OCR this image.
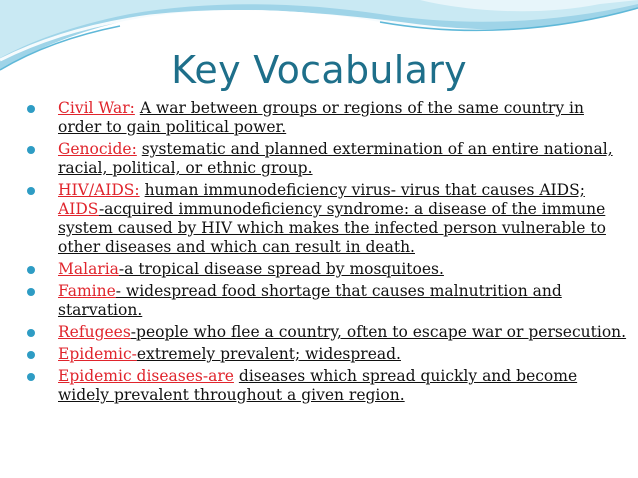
Key Vocabulary
Civil War: A war between groups or regions of the same country in order to gain political power.
Genocide: systematic and planned extermination of an entire national, racial, political, or ethnic group.
HIV/AIDS: human immunodeficiency virus- virus that causes AIDS; AIDS-acquired immunodeficiency syndrome: a disease of the immune system caused by HIV which makes the infected person vulnerable to other diseases and which can result in death.
Malaria-a tropical disease spread by mosquitoes.
Famine- widespread food shortage that causes malnutrition and starvation.
Refugees-people who flee a country, often to escape war or persecution.
Epidemic-extremely prevalent; widespread.
Epidemic diseases-are diseases which spread quickly and become widely prevalent throughout a given region.
